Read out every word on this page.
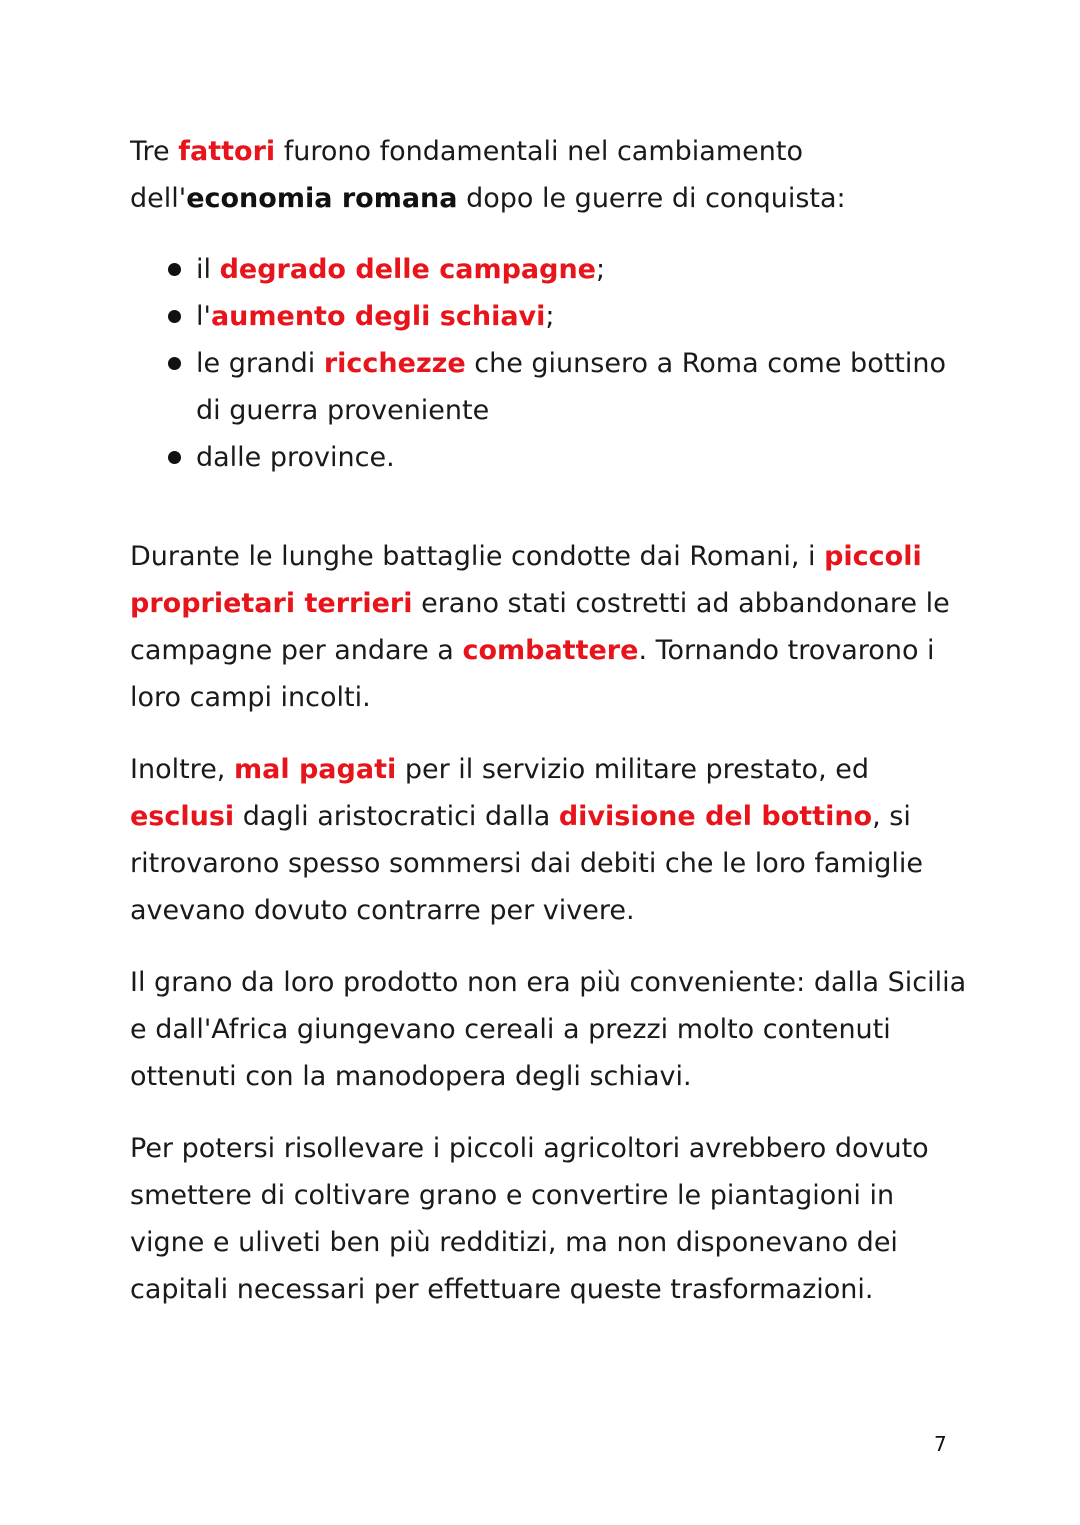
Tre fattori furono fondamentali nel cambiamento dell'economia romana dopo le guerre di conquista:

il degrado delle campagne;
l'aumento degli schiavi;
le grandi ricchezze che giunsero a Roma come bottino di guerra proveniente
dalle province.

Durante le lunghe battaglie condotte dai Romani, i piccoli proprietari terrieri erano stati costretti ad abbandonare le campagne per andare a combattere. Tornando trovarono i loro campi incolti.

Inoltre, mal pagati per il servizio militare prestato, ed esclusi dagli aristocratici dalla divisione del bottino, si ritrovarono spesso sommersi dai debiti che le loro famiglie avevano dovuto contrarre per vivere.

Il grano da loro prodotto non era più conveniente: dalla Sicilia e dall'Africa giungevano cereali a prezzi molto contenuti ottenuti con la manodopera degli schiavi.

Per potersi risollevare i piccoli agricoltori avrebbero dovuto smettere di coltivare grano e convertire le piantagioni in vigne e uliveti ben più redditizi, ma non disponevano dei capitali necessari per effettuare queste trasformazioni.

7
